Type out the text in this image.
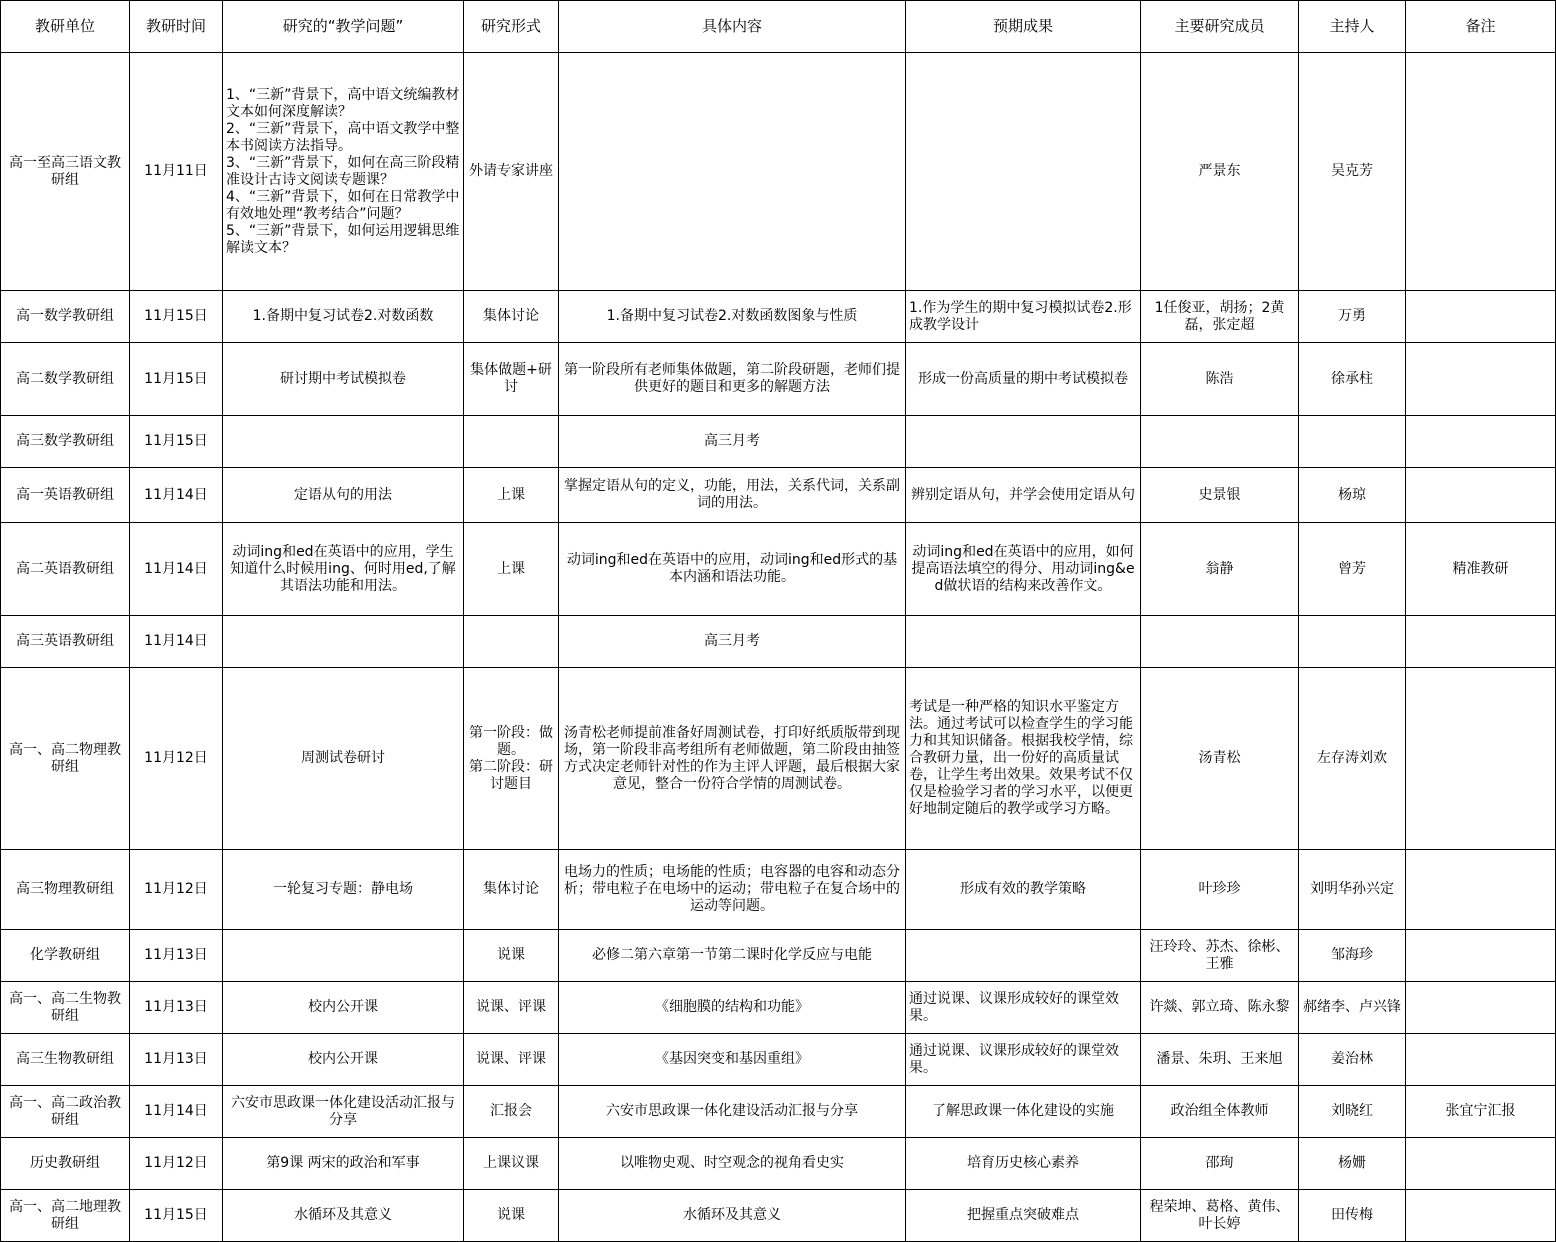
教研单位	教研时间	研究的“教学问题”	研究形式	具体内容	预期成果	主要研究成员	主持人	备注
高一至高三语文教研组	11月11日	1、“三新”背景下，高中语文统编教材文本如何深度解读？
2、“三新”背景下，高中语文教学中整本书阅读方法指导。
3、“三新”背景下，如何在高三阶段精准设计古诗文阅读专题课？
4、“三新”背景下，如何在日常教学中有效地处理“教考结合”问题？
5、“三新”背景下，如何运用逻辑思维解读文本？	外请专家讲座			严景东	吴克芳	
高一数学教研组	11月15日	1.备期中复习试卷2.对数函数	集体讨论	1.备期中复习试卷2.对数函数图象与性质	1.作为学生的期中复习模拟试卷2.形成教学设计	1任俊亚，胡扬；2黄磊，张定超	万勇	
高二数学教研组	11月15日	研讨期中考试模拟卷	集体做题+研讨	第一阶段所有老师集体做题，第二阶段研题，老师们提供更好的题目和更多的解题方法	形成一份高质量的期中考试模拟卷	陈浩	徐承柱	
高三数学教研组	11月15日			高三月考				
高一英语教研组	11月14日	定语从句的用法	上课	掌握定语从句的定义，功能，用法，关系代词，关系副词的用法。	辨别定语从句，并学会使用定语从句	史景银	杨琼	
高二英语教研组	11月14日	动词ing和ed在英语中的应用，学生知道什么时候用ing、何时用ed,了解其语法功能和用法。	上课	动词ing和ed在英语中的应用，动词ing和ed形式的基本内涵和语法功能。	动词ing和ed在英语中的应用，如何提高语法填空的得分、用动词ing&ed做状语的结构来改善作文。	翁静	曾芳	精准教研
高三英语教研组	11月14日			高三月考				
高一、高二物理教研组	11月12日	周测试卷研讨	第一阶段：做题。
第二阶段：研讨题目	汤青松老师提前准备好周测试卷，打印好纸质版带到现场，第一阶段非高考组所有老师做题，第二阶段由抽签方式决定老师针对性的作为主评人评题，最后根据大家意见，整合一份符合学情的周测试卷。	考试是一种严格的知识水平鉴定方法。通过考试可以检查学生的学习能力和其知识储备。根据我校学情，综合教研力量，出一份好的高质量试卷，让学生考出效果。效果考试不仅仅是检验学习者的学习水平，以便更好地制定随后的教学或学习方略。	汤青松	左存涛刘欢	
高三物理教研组	11月12日	一轮复习专题：静电场	集体讨论	电场力的性质；电场能的性质；电容器的电容和动态分析；带电粒子在电场中的运动；带电粒子在复合场中的运动等问题。	形成有效的教学策略	叶珍珍	刘明华孙兴定	
化学教研组	11月13日		说课	必修二第六章第一节第二课时化学反应与电能		汪玲玲、苏杰、徐彬、王雅	邹海珍	
高一、高二生物教研组	11月13日	校内公开课	说课、评课	《细胞膜的结构和功能》	通过说课、议课形成较好的课堂效果。	许燚、郭立琦、陈永黎	郝绪李、卢兴锋	
高三生物教研组	11月13日	校内公开课	说课、评课	《基因突变和基因重组》	通过说课、议课形成较好的课堂效果。	潘景、朱玥、王来旭	姜治林	
高一、高二政治教研组	11月14日	六安市思政课一体化建设活动汇报与分享	汇报会	六安市思政课一体化建设活动汇报与分享	了解思政课一体化建设的实施	政治组全体教师	刘晓红	张宜宁汇报
历史教研组	11月12日	第9课 两宋的政治和军事	上课议课	以唯物史观、时空观念的视角看史实	培育历史核心素养	邵珣	杨姗	
高一、高二地理教研组	11月15日	水循环及其意义	说课	水循环及其意义	把握重点突破难点	程荣坤、葛格、黄伟、叶长婷	田传梅	
